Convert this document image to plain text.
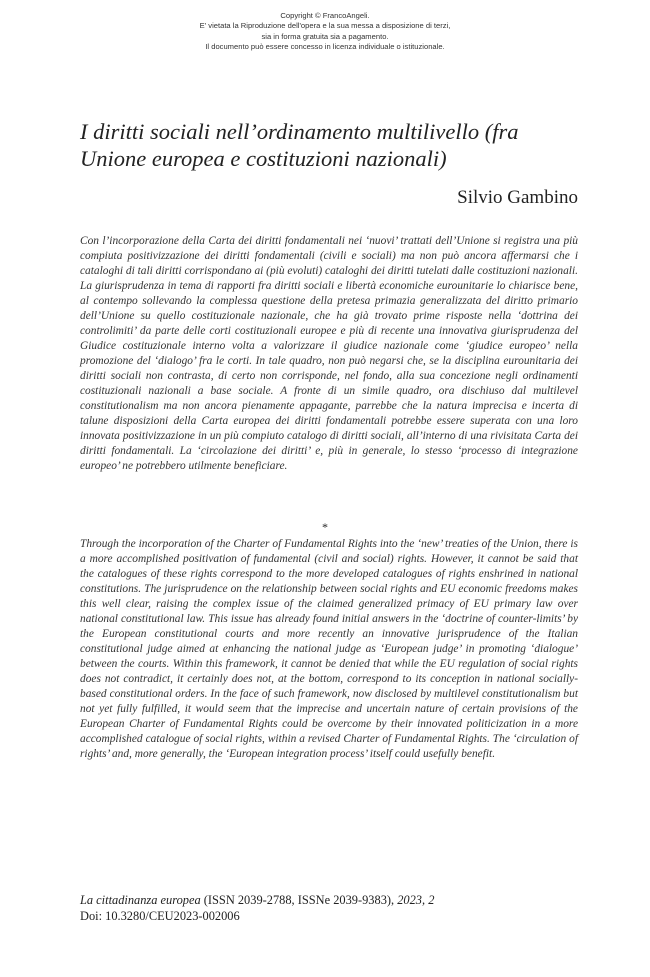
Copyright © FrancoAngeli.
E' vietata la Riproduzione dell'opera e la sua messa a disposizione di terzi,
sia in forma gratuita sia a pagamento.
Il documento può essere concesso in licenza individuale o istituzionale.
I diritti sociali nell’ordinamento multilivello (fra Unione europea e costituzioni nazionali)
Silvio Gambino

Con l’incorporazione della Carta dei diritti fondamentali nei ‘nuovi’ trattati dell’Unione si registra una più compiuta positivizzazione dei diritti fondamentali (civili e sociali) ma non può ancora affermarsi che i cataloghi di tali diritti corrispondano ai (più evoluti) cataloghi dei diritti tutelati dalle costituzioni nazionali. La giurisprudenza in tema di rapporti fra diritti sociali e libertà economiche eurounitarie lo chiarisce bene, al contempo sollevando la complessa questione della pretesa primazia generalizzata del diritto primario dell’Unione su quello costituzionale nazionale, che ha già trovato prime risposte nella ‘dottrina dei controlimiti’ da parte delle corti costituzionali europee e più di recente una innovativa giurisprudenza del Giudice costituzionale interno volta a valorizzare il giudice nazionale come ‘giudice europeo’ nella promozione del ‘dialogo’ fra le corti. In tale quadro, non può negarsi che, se la disciplina eurounitaria dei diritti sociali non contrasta, di certo non corrisponde, nel fondo, alla sua concezione negli ordinamenti costituzionali nazionali a base sociale. A fronte di un simile quadro, ora dischiuso dal multilevel constitutionalism ma non ancora pienamente appagante, parrebbe che la natura imprecisa e incerta di talune disposizioni della Carta europea dei diritti fondamentali potrebbe essere superata con una loro innovata positivizzazione in un più compiuto catalogo di diritti sociali, all’interno di una rivisitata Carta dei diritti fondamentali. La ‘circolazione dei diritti’ e, più in generale, lo stesso ‘processo di integrazione europeo’ ne potrebbero utilmente beneficiare.

*

Through the incorporation of the Charter of Fundamental Rights into the ‘new’ treaties of the Union, there is a more accomplished positivation of fundamental (civil and social) rights. However, it cannot be said that the catalogues of these rights correspond to the more developed catalogues of rights enshrined in national constitutions. The jurisprudence on the relationship between social rights and EU economic freedoms makes this well clear, raising the complex issue of the claimed generalized primacy of EU primary law over national constitutional law. This issue has already found initial answers in the ‘doctrine of counter-limits’ by the European constitutional courts and more recently an innovative jurisprudence of the Italian constitutional judge aimed at enhancing the national judge as ‘European judge’ in promoting ‘dialogue’ between the courts. Within this framework, it cannot be denied that while the EU regulation of social rights does not contradict, it certainly does not, at the bottom, correspond to its conception in national socially-based constitutional orders. In the face of such framework, now disclosed by multilevel constitutionalism but not yet fully fulfilled, it would seem that the imprecise and uncertain nature of certain provisions of the European Charter of Fundamental Rights could be overcome by their innovated politicization in a more accomplished catalogue of social rights, within a revised Charter of Fundamental Rights. The ‘circulation of rights’ and, more generally, the ‘European integration process’ itself could usefully benefit.

La cittadinanza europea (ISSN 2039-2788, ISSNe 2039-9383), 2023, 2
Doi: 10.3280/CEU2023-002006
